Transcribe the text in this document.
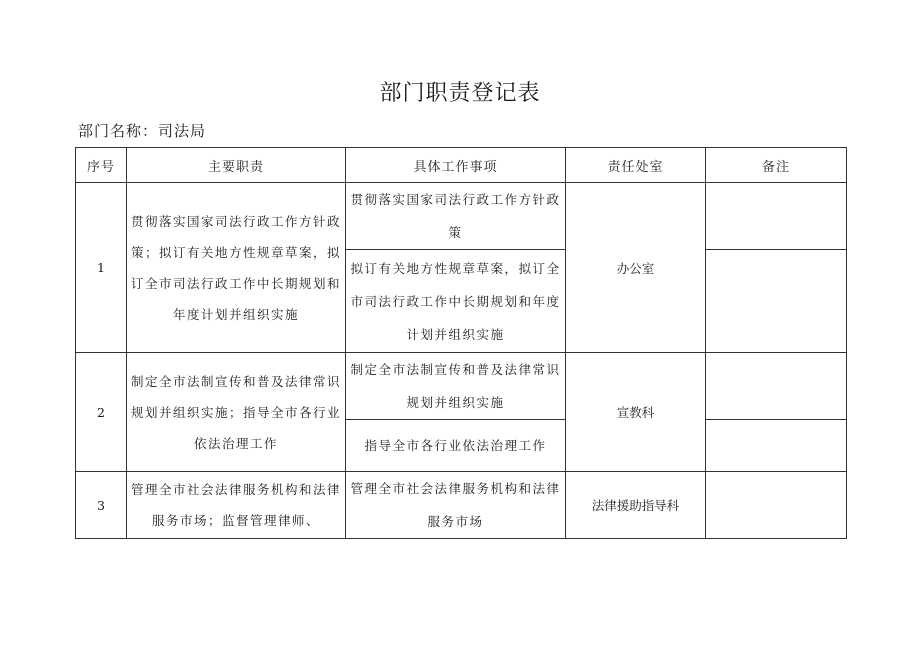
部门职责登记表
部门名称：司法局
序号	主要职责	具体工作事项	责任处室	备注
1	贯彻落实国家司法行政工作方针政策；拟订有关地方性规章草案，拟订全市司法行政工作中长期规划和年度计划并组织实施	贯彻落实国家司法行政工作方针政策	办公室	

		拟订有关地方性规章草案，拟订全市司法行政工作中长期规划和年度计划并组织实施		

2	制定全市法制宣传和普及法律常识规划并组织实施；指导全市各行业依法治理工作	制定全市法制宣传和普及法律常识规划并组织实施	宣教科	

		指导全市各行业依法治理工作		

3	管理全市社会法律服务机构和法律服务市场；监督管理律师、	管理全市社会法律服务机构和法律服务市场	法律援助指导科	
